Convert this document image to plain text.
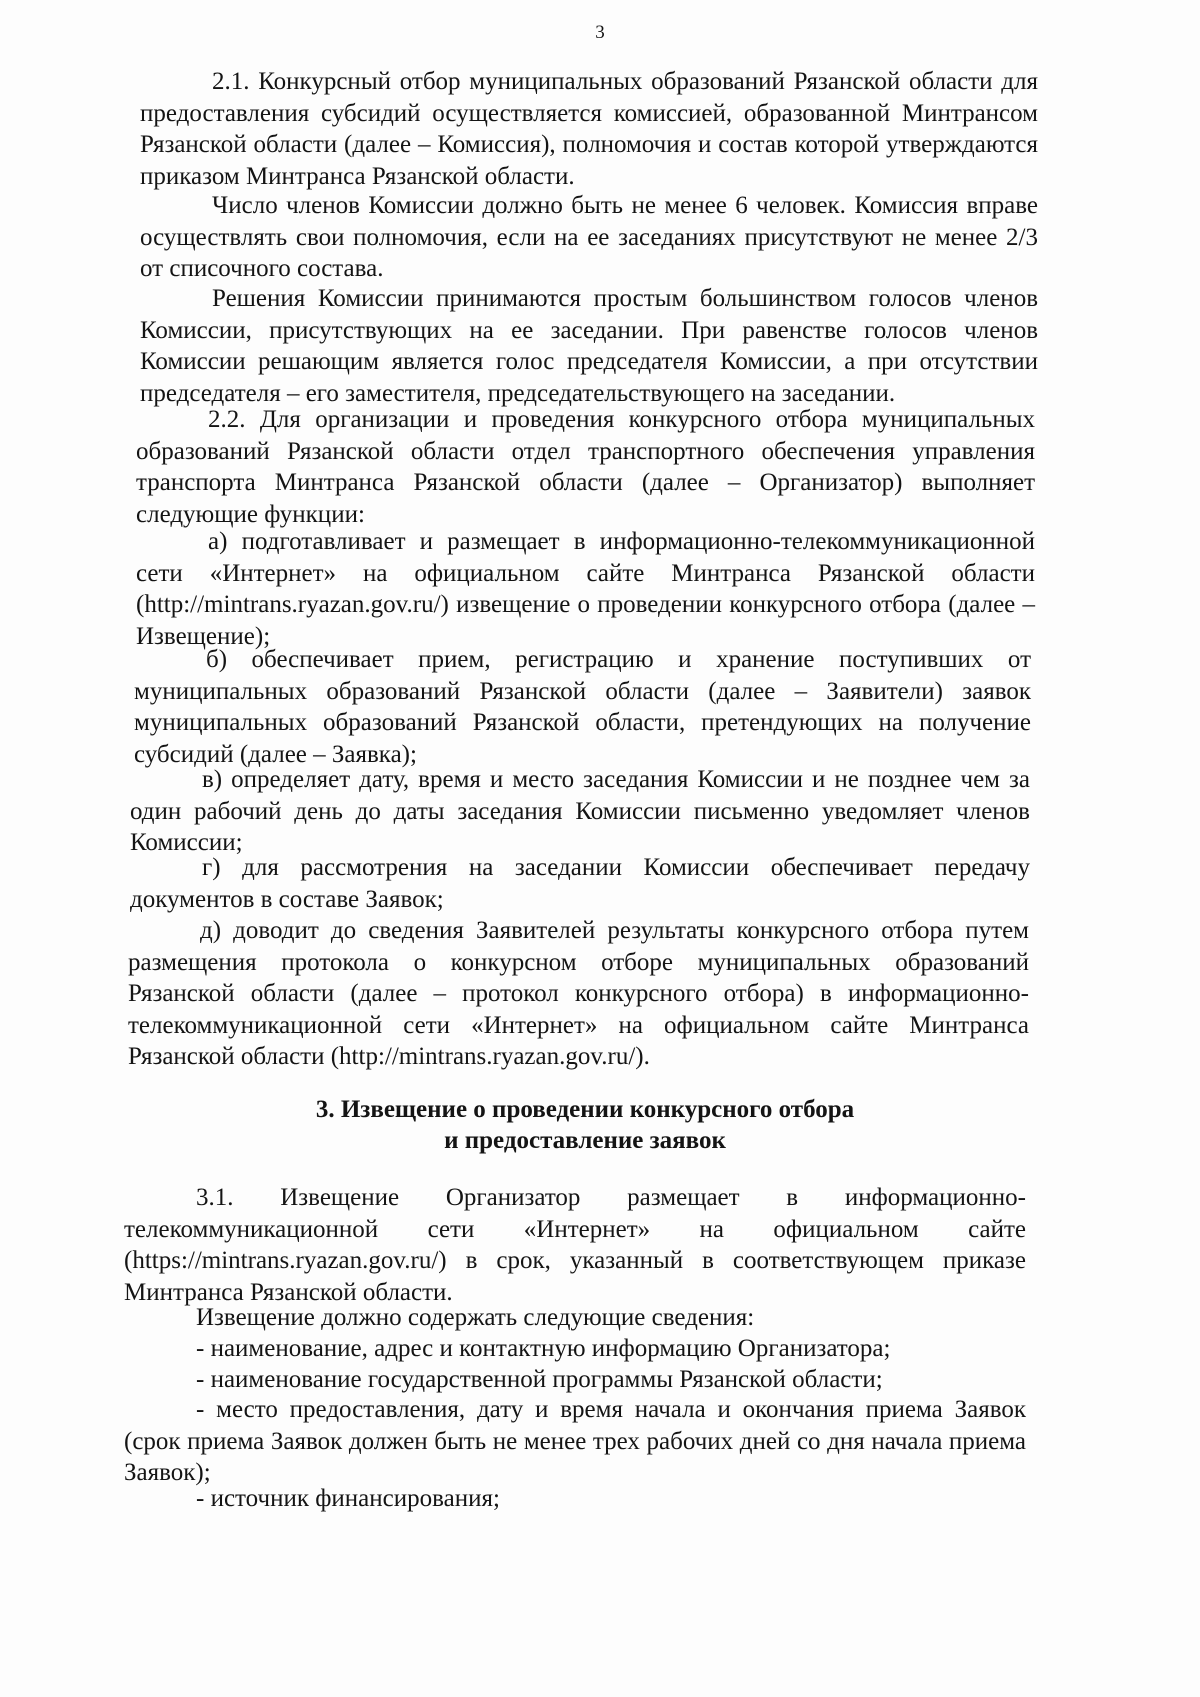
3

2.1. Конкурсный отбор муниципальных образований Рязанской области для предоставления субсидий осуществляется комиссией, образованной Минтрансом Рязанской области (далее – Комиссия), полномочия и состав которой утверждаются приказом Минтранса Рязанской области.

Число членов Комиссии должно быть не менее 6 человек. Комиссия вправе осуществлять свои полномочия, если на ее заседаниях присутствуют не менее 2/3 от списочного состава.

Решения Комиссии принимаются простым большинством голосов членов Комиссии, присутствующих на ее заседании. При равенстве голосов членов Комиссии решающим является голос председателя Комиссии, а при отсутствии председателя – его заместителя, председательствующего на заседании.

2.2. Для организации и проведения конкурсного отбора муниципальных образований Рязанской области отдел транспортного обеспечения управления транспорта Минтранса Рязанской области (далее – Организатор) выполняет следующие функции:

а) подготавливает и размещает в информационно-телекоммуникационной сети «Интернет» на официальном сайте Минтранса Рязанской области (http://mintrans.ryazan.gov.ru/) извещение о проведении конкурсного отбора (далее – Извещение);

б) обеспечивает прием, регистрацию и хранение поступивших от муниципальных образований Рязанской области (далее – Заявители) заявок муниципальных образований Рязанской области, претендующих на получение субсидий (далее – Заявка);

в) определяет дату, время и место заседания Комиссии и не позднее чем за один рабочий день до даты заседания Комиссии письменно уведомляет членов Комиссии;

г) для рассмотрения на заседании Комиссии обеспечивает передачу документов в составе Заявок;

д) доводит до сведения Заявителей результаты конкурсного отбора путем размещения протокола о конкурсном отборе муниципальных образований Рязанской области (далее – протокол конкурсного отбора) в информационно-телекоммуникационной сети «Интернет» на официальном сайте Минтранса Рязанской области (http://mintrans.ryazan.gov.ru/).

3. Извещение о проведении конкурсного отбора
и предоставление заявок

3.1. Извещение Организатор размещает в информационно-телекоммуникационной сети «Интернет» на официальном сайте (https://mintrans.ryazan.gov.ru/) в срок, указанный в соответствующем приказе Минтранса Рязанской области.

Извещение должно содержать следующие сведения:

- наименование, адрес и контактную информацию Организатора;

- наименование государственной программы Рязанской области;

- место предоставления, дату и время начала и окончания приема Заявок (срок приема Заявок должен быть не менее трех рабочих дней со дня начала приема Заявок);

- источник финансирования;
